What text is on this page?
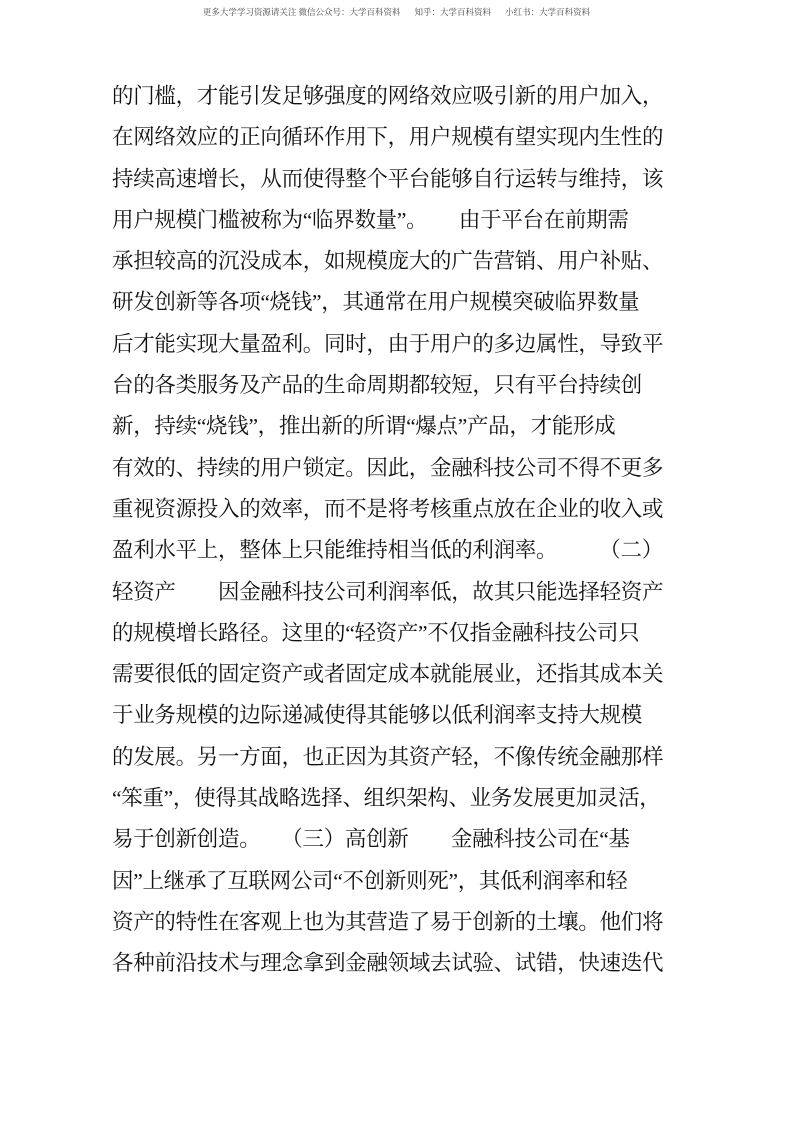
更多大学学习资源请关注 微信公众号：大学百科资料 知乎：大学百科资料 小红书：大学百科资料
的门槛，才能引发足够强度的网络效应吸引新的用户加入，
在网络效应的正向循环作用下，用户规模有望实现内生性的
持续高速增长，从而使得整个平台能够自行运转与维持，该
用户规模门槛被称为“临界数量”。　　由于平台在前期需
承担较高的沉没成本，如规模庞大的广告营销、用户补贴、
研发创新等各项“烧钱”，其通常在用户规模突破临界数量
后才能实现大量盈利。同时，由于用户的多边属性，导致平
台的各类服务及产品的生命周期都较短，只有平台持续创
新，持续“烧钱”，推出新的所谓“爆点”产品，才能形成
有效的、持续的用户锁定。因此，金融科技公司不得不更多
重视资源投入的效率，而不是将考核重点放在企业的收入或
盈利水平上，整体上只能维持相当低的利润率。　　　（二）
轻资产　　因金融科技公司利润率低，故其只能选择轻资产
的规模增长路径。这里的“轻资产”不仅指金融科技公司只
需要很低的固定资产或者固定成本就能展业，还指其成本关
于业务规模的边际递减使得其能够以低利润率支持大规模
的发展。另一方面，也正因为其资产轻，不像传统金融那样
“笨重”，使得其战略选择、组织架构、业务发展更加灵活，
易于创新创造。　　（三）高创新　　金融科技公司在“基
因”上继承了互联网公司“不创新则死”，其低利润率和轻
资产的特性在客观上也为其营造了易于创新的土壤。他们将
各种前沿技术与理念拿到金融领域去试验、试错，快速迭代
